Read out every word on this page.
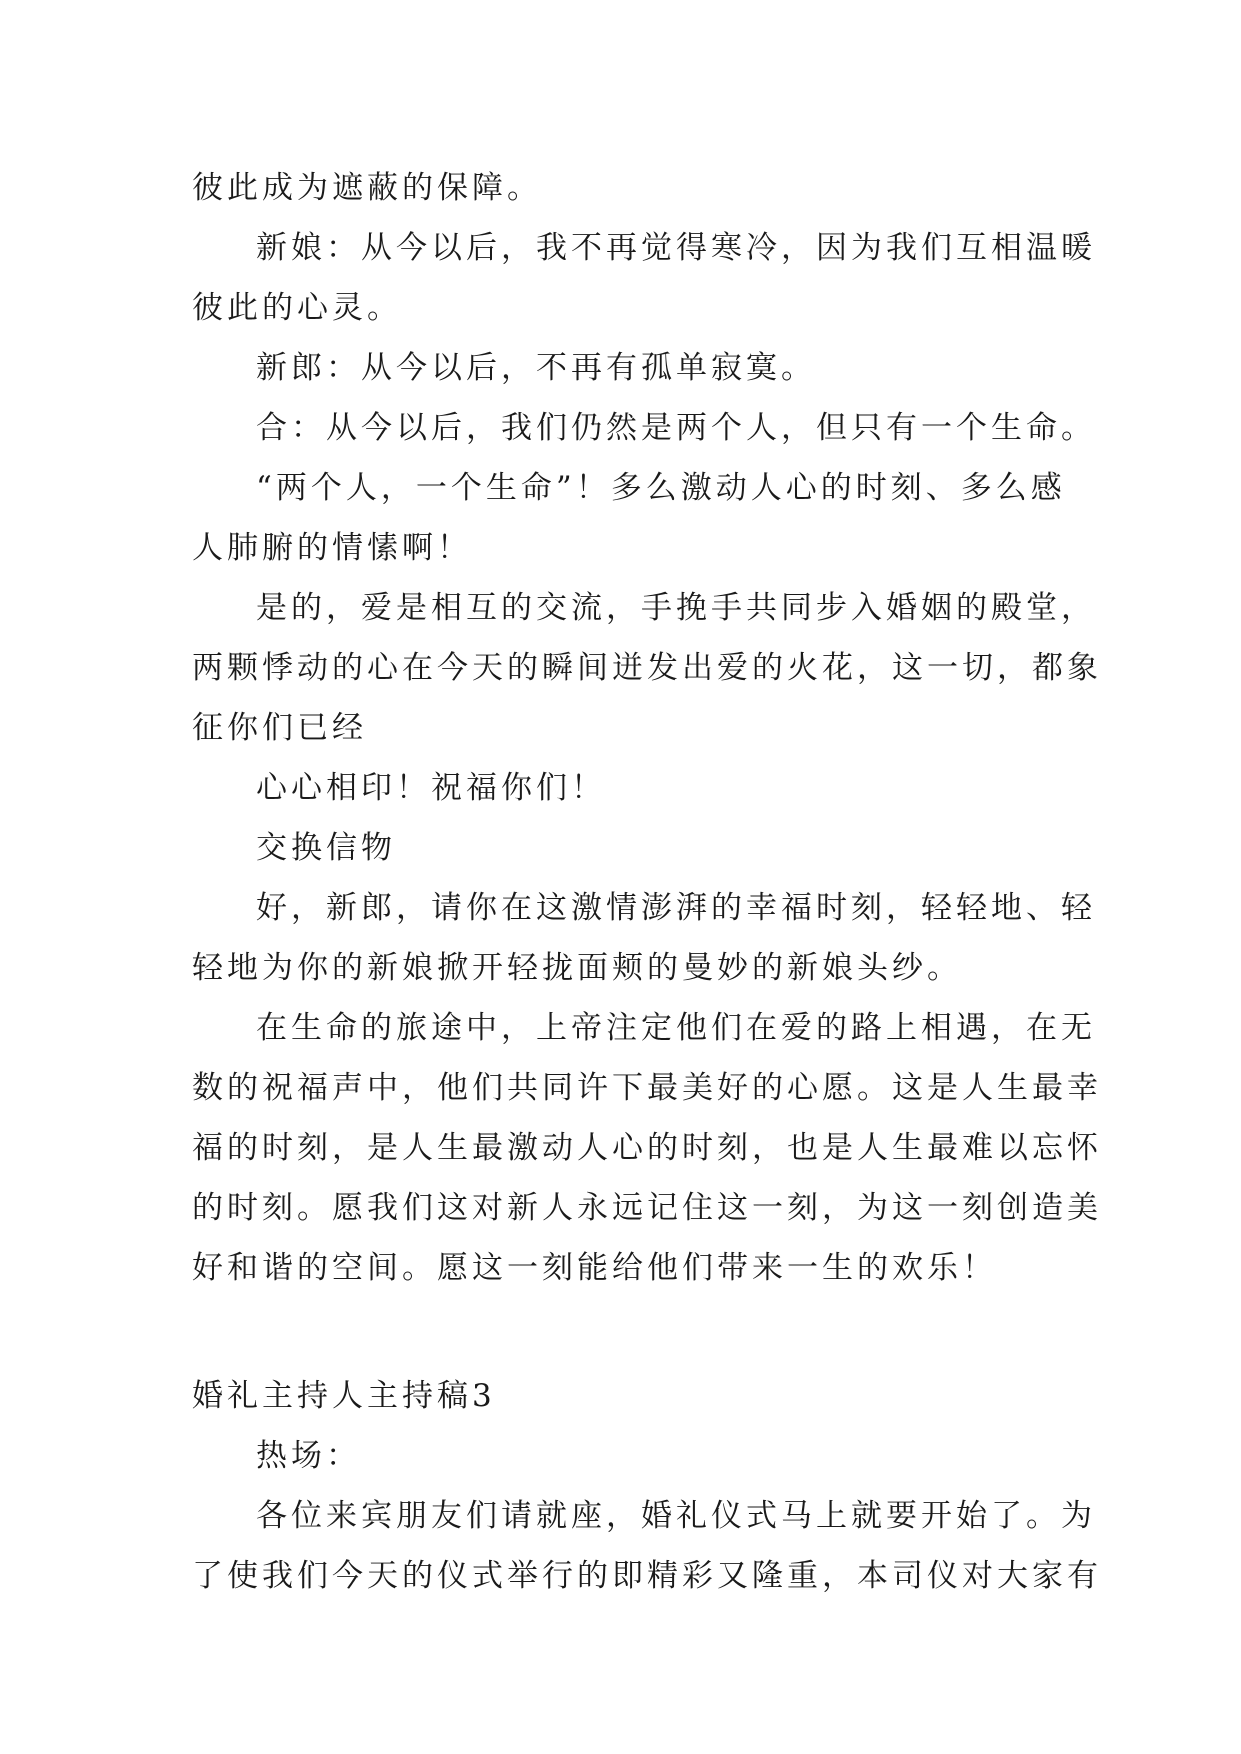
彼此成为遮蔽的保障。
新娘：从今以后，我不再觉得寒冷，因为我们互相温暖
彼此的心灵。
新郎：从今以后，不再有孤单寂寞。
合：从今以后，我们仍然是两个人，但只有一个生命。
“两个人，一个生命”！多么激动人心的时刻、多么感
人肺腑的情愫啊！
是的，爱是相互的交流，手挽手共同步入婚姻的殿堂，
两颗悸动的心在今天的瞬间迸发出爱的火花，这一切，都象
征你们已经
心心相印！祝福你们！
交换信物
好，新郎，请你在这激情澎湃的幸福时刻，轻轻地、轻
轻地为你的新娘掀开轻拢面颊的曼妙的新娘头纱。
在生命的旅途中，上帝注定他们在爱的路上相遇，在无
数的祝福声中，他们共同许下最美好的心愿。这是人生最幸
福的时刻，是人生最激动人心的时刻，也是人生最难以忘怀
的时刻。愿我们这对新人永远记住这一刻，为这一刻创造美
好和谐的空间。愿这一刻能给他们带来一生的欢乐！
婚礼主持人主持稿3
热场：
各位来宾朋友们请就座，婚礼仪式马上就要开始了。为
了使我们今天的仪式举行的即精彩又隆重，本司仪对大家有
